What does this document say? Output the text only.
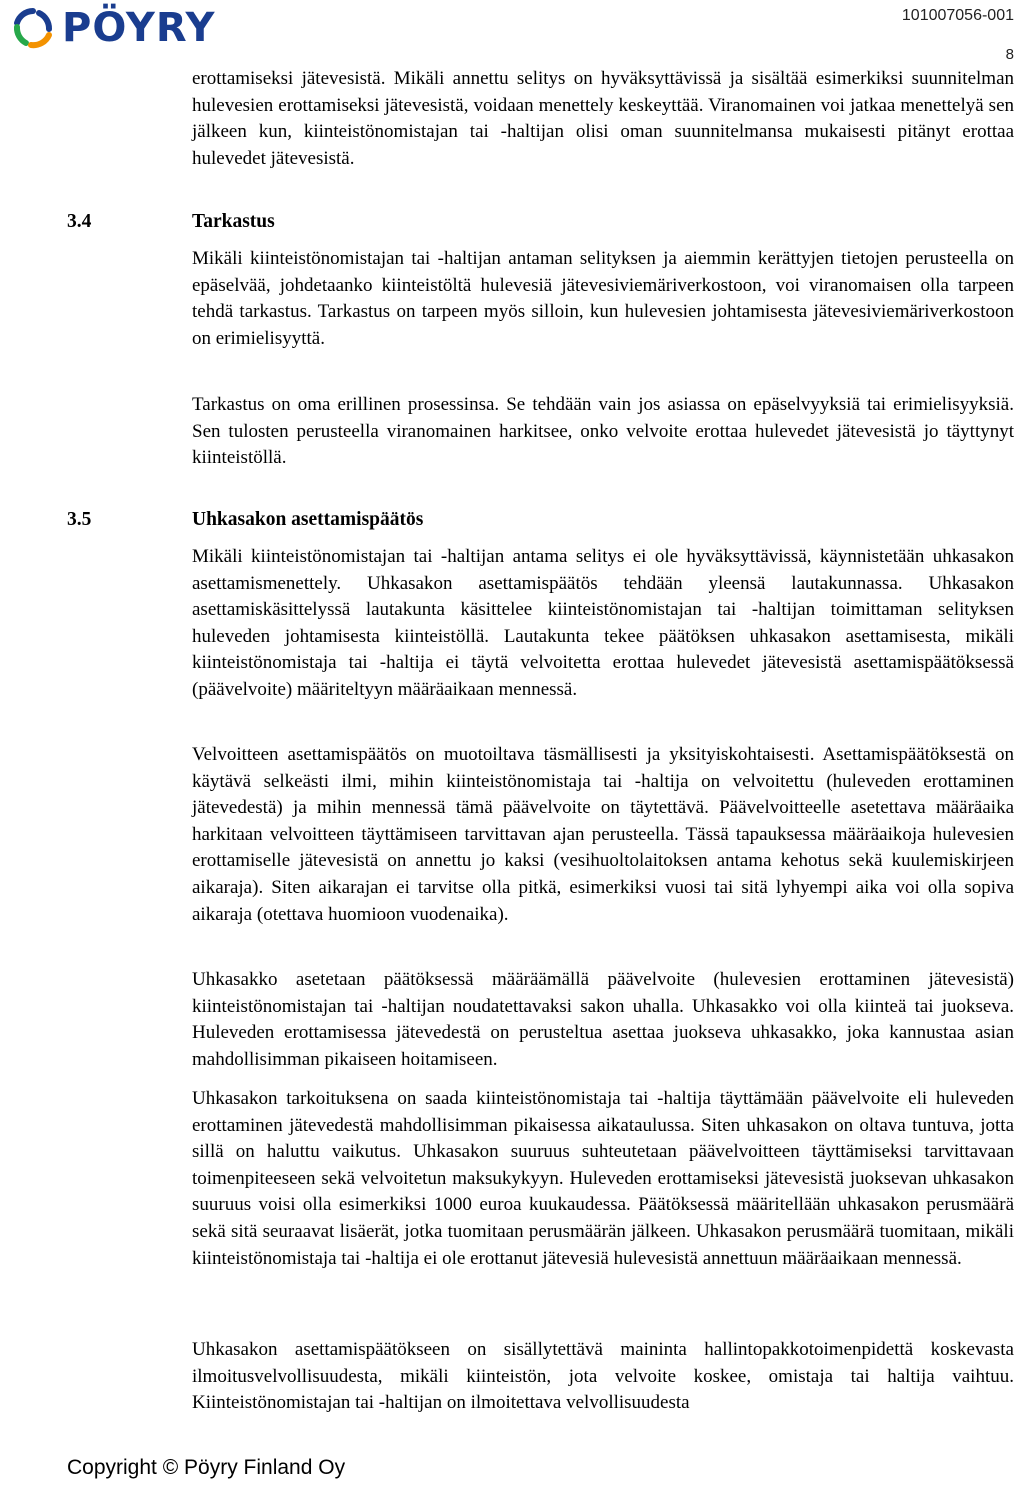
PÖYRY	101007056-001
8

erottamiseksi jätevesistä. Mikäli annettu selitys on hyväksyttävissä ja sisältää esimerkiksi suunnitelman hulevesien erottamiseksi jätevesistä, voidaan menettely keskeyttää. Viranomainen voi jatkaa menettelyä sen jälkeen kun, kiinteistönomistajan tai -haltijan olisi oman suunnitelmansa mukaisesti pitänyt erottaa hulevedet jätevesistä.

3.4	Tarkastus

Mikäli kiinteistönomistajan tai -haltijan antaman selityksen ja aiemmin kerättyjen tietojen perusteella on epäselvää, johdetaanko kiinteistöltä hulevesiä jätevesiviemäriverkostoon, voi viranomaisen olla tarpeen tehdä tarkastus. Tarkastus on tarpeen myös silloin, kun hulevesien johtamisesta jätevesiviemäriverkostoon on erimielisyyttä.

Tarkastus on oma erillinen prosessinsa. Se tehdään vain jos asiassa on epäselvyyksiä tai erimielisyyksiä. Sen tulosten perusteella viranomainen harkitsee, onko velvoite erottaa hulevedet jätevesistä jo täyttynyt kiinteistöllä.

3.5	Uhkasakon asettamispäätös

Mikäli kiinteistönomistajan tai -haltijan antama selitys ei ole hyväksyttävissä, käynnistetään uhkasakon asettamismenettely. Uhkasakon asettamispäätös tehdään yleensä lautakunnassa. Uhkasakon asettamiskäsittelyssä lautakunta käsittelee kiinteistönomistajan tai -haltijan toimittaman selityksen huleveden johtamisesta kiinteistöllä. Lautakunta tekee päätöksen uhkasakon asettamisesta, mikäli kiinteistönomistaja tai -haltija ei täytä velvoitetta erottaa hulevedet jätevesistä asettamispäätöksessä (päävelvoite) määriteltyyn määräaikaan mennessä.

Velvoitteen asettamispäätös on muotoiltava täsmällisesti ja yksityiskohtaisesti. Asettamispäätöksestä on käytävä selkeästi ilmi, mihin kiinteistönomistaja tai -haltija on velvoitettu (huleveden erottaminen jätevedestä) ja mihin mennessä tämä päävelvoite on täytettävä. Päävelvoitteelle asetettava määräaika harkitaan velvoitteen täyttämiseen tarvittavan ajan perusteella. Tässä tapauksessa määräaikoja hulevesien erottamiselle jätevesistä on annettu jo kaksi (vesihuoltolaitoksen antama kehotus sekä kuulemiskirjeen aikaraja). Siten aikarajan ei tarvitse olla pitkä, esimerkiksi vuosi tai sitä lyhyempi aika voi olla sopiva aikaraja (otettava huomioon vuodenaika).

Uhkasakko asetetaan päätöksessä määräämällä päävelvoite (hulevesien erottaminen jätevesistä) kiinteistönomistajan tai -haltijan noudatettavaksi sakon uhalla. Uhkasakko voi olla kiinteä tai juokseva. Huleveden erottamisessa jätevedestä on perusteltua asettaa juokseva uhkasakko, joka kannustaa asian mahdollisimman pikaiseen hoitamiseen.

Uhkasakon tarkoituksena on saada kiinteistönomistaja tai -haltija täyttämään päävelvoite eli huleveden erottaminen jätevedestä mahdollisimman pikaisessa aikataulussa. Siten uhkasakon on oltava tuntuva, jotta sillä on haluttu vaikutus. Uhkasakon suuruus suhteutetaan päävelvoitteen täyttämiseksi tarvittavaan toimenpiteeseen sekä velvoitetun maksukykyyn. Huleveden erottamiseksi jätevesistä juoksevan uhkasakon suuruus voisi olla esimerkiksi 1000 euroa kuukaudessa. Päätöksessä määritellään uhkasakon perusmäärä sekä sitä seuraavat lisäerät, jotka tuomitaan perusmäärän jälkeen. Uhkasakon perusmäärä tuomitaan, mikäli kiinteistönomistaja tai -haltija ei ole erottanut jätevesiä hulevesistä annettuun määräaikaan mennessä.

Uhkasakon asettamispäätökseen on sisällytettävä maininta hallintopakkotoimenpidettä koskevasta ilmoitusvelvollisuudesta, mikäli kiinteistön, jota velvoite koskee, omistaja tai haltija vaihtuu. Kiinteistönomistajan tai -haltijan on ilmoitettava velvollisuudesta

Copyright © Pöyry Finland Oy
